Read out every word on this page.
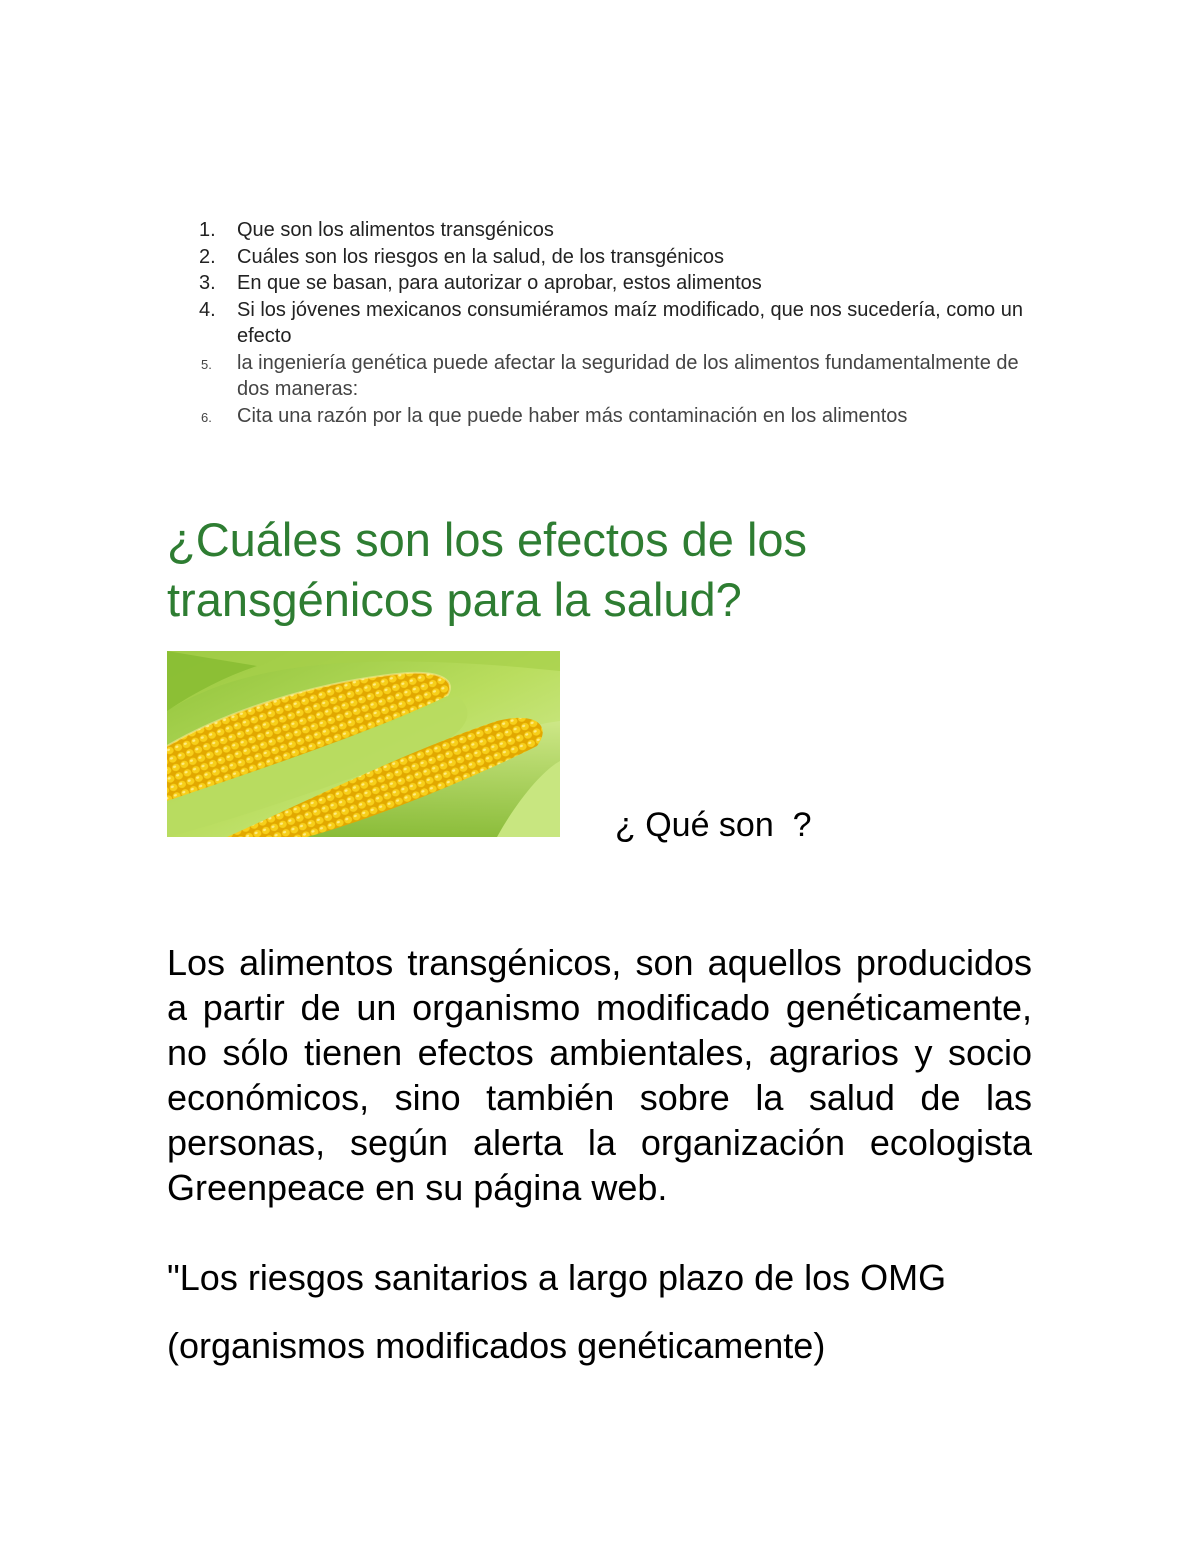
1. Que son los alimentos transgénicos
2. Cuáles son los riesgos en la salud, de los transgénicos
3. En que se basan, para autorizar o aprobar, estos alimentos
4. Si los jóvenes mexicanos consumiéramos maíz modificado, que nos sucedería, como un efecto
5. la ingeniería genética puede afectar la seguridad de los alimentos fundamentalmente de dos maneras:
6. Cita una razón por la que puede haber más contaminación en los alimentos
¿Cuáles son los efectos de los transgénicos para la salud?
¿ Qué son  ?

Los alimentos transgénicos, son aquellos producidos a partir de un organismo modificado genéticamente, no sólo tienen efectos ambientales, agrarios y socio económicos, sino también sobre la salud de las personas, según alerta la organización ecologista Greenpeace en su página web.

"Los riesgos sanitarios a largo plazo de los OMG

(organismos modificados genéticamente)
